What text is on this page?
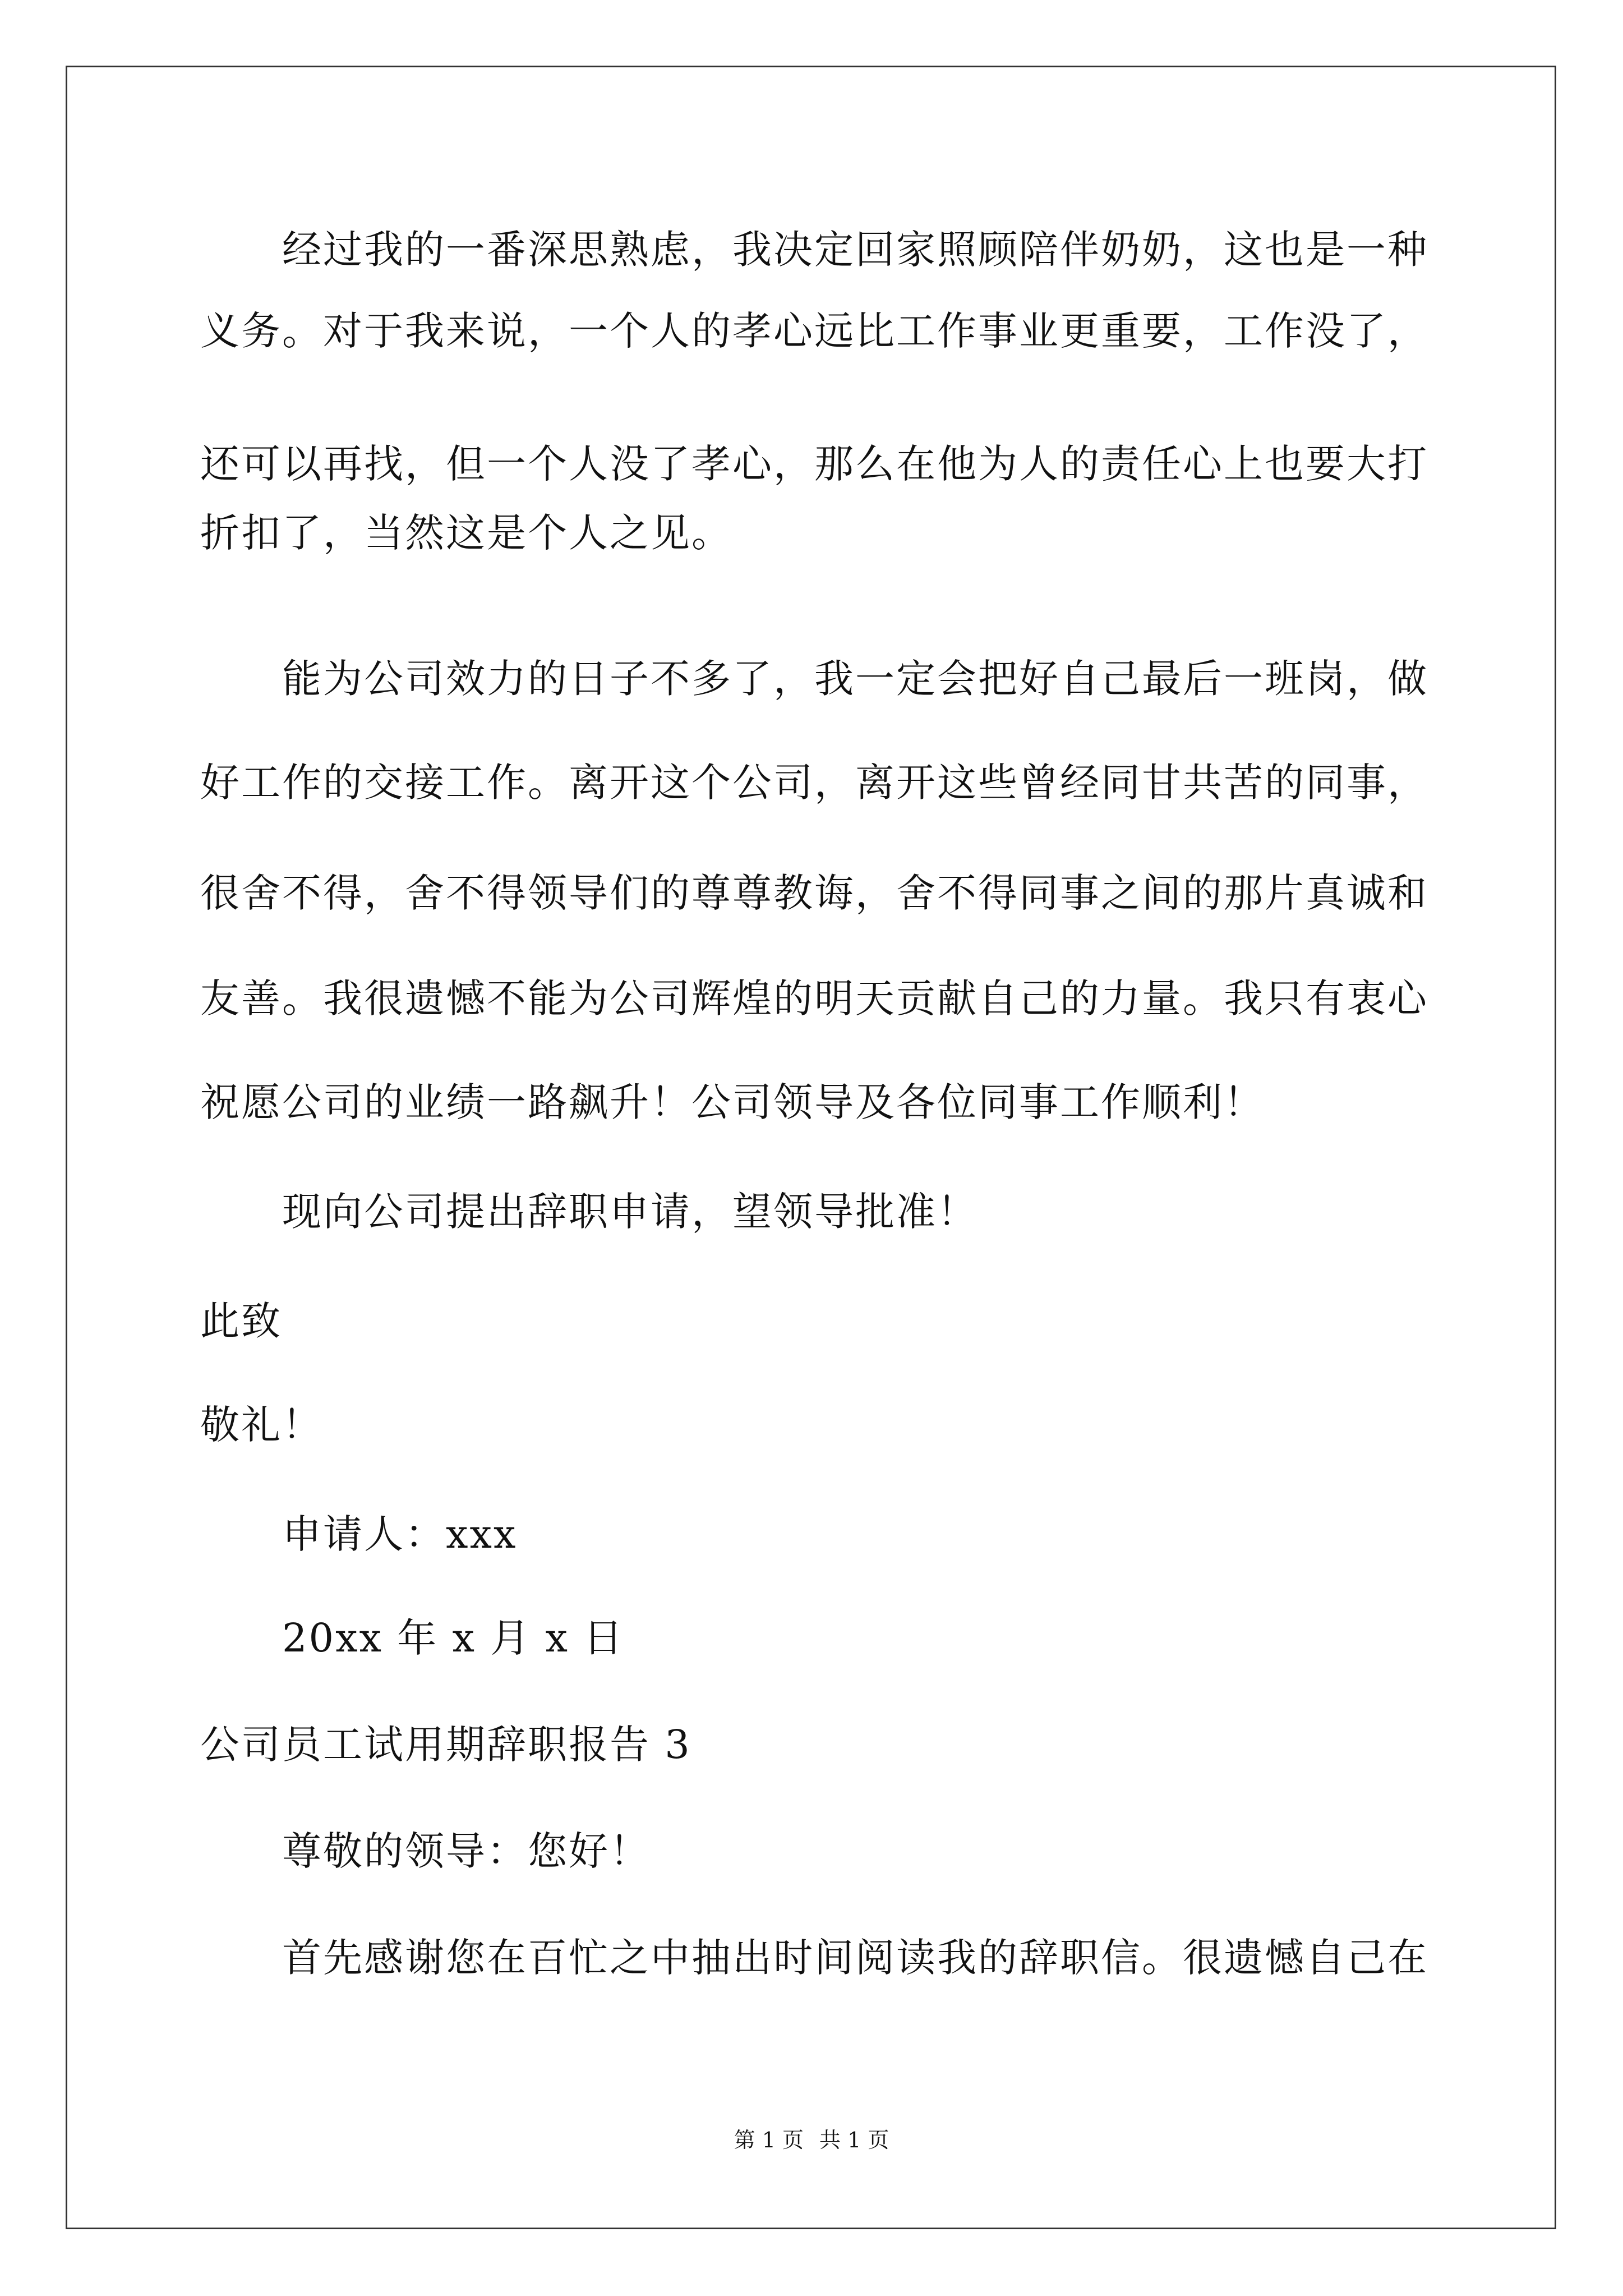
经过我的一番深思熟虑，我决定回家照顾陪伴奶奶，这也是一种
义务。对于我来说，一个人的孝心远比工作事业更重要，工作没了，
还可以再找，但一个人没了孝心，那么在他为人的责任心上也要大打
折扣了，当然这是个人之见。
能为公司效力的日子不多了，我一定会把好自己最后一班岗，做
好工作的交接工作。离开这个公司，离开这些曾经同甘共苦的同事，
很舍不得，舍不得领导们的尊尊教诲，舍不得同事之间的那片真诚和
友善。我很遗憾不能为公司辉煌的明天贡献自己的力量。我只有衷心
祝愿公司的业绩一路飙升！公司领导及各位同事工作顺利！
现向公司提出辞职申请，望领导批准！
此致
敬礼！
申请人：xxx
20xx 年 x 月 x 日
公司员工试用期辞职报告 3
尊敬的领导：您好！
首先感谢您在百忙之中抽出时间阅读我的辞职信。很遗憾自己在
第 1 页 共 1 页
